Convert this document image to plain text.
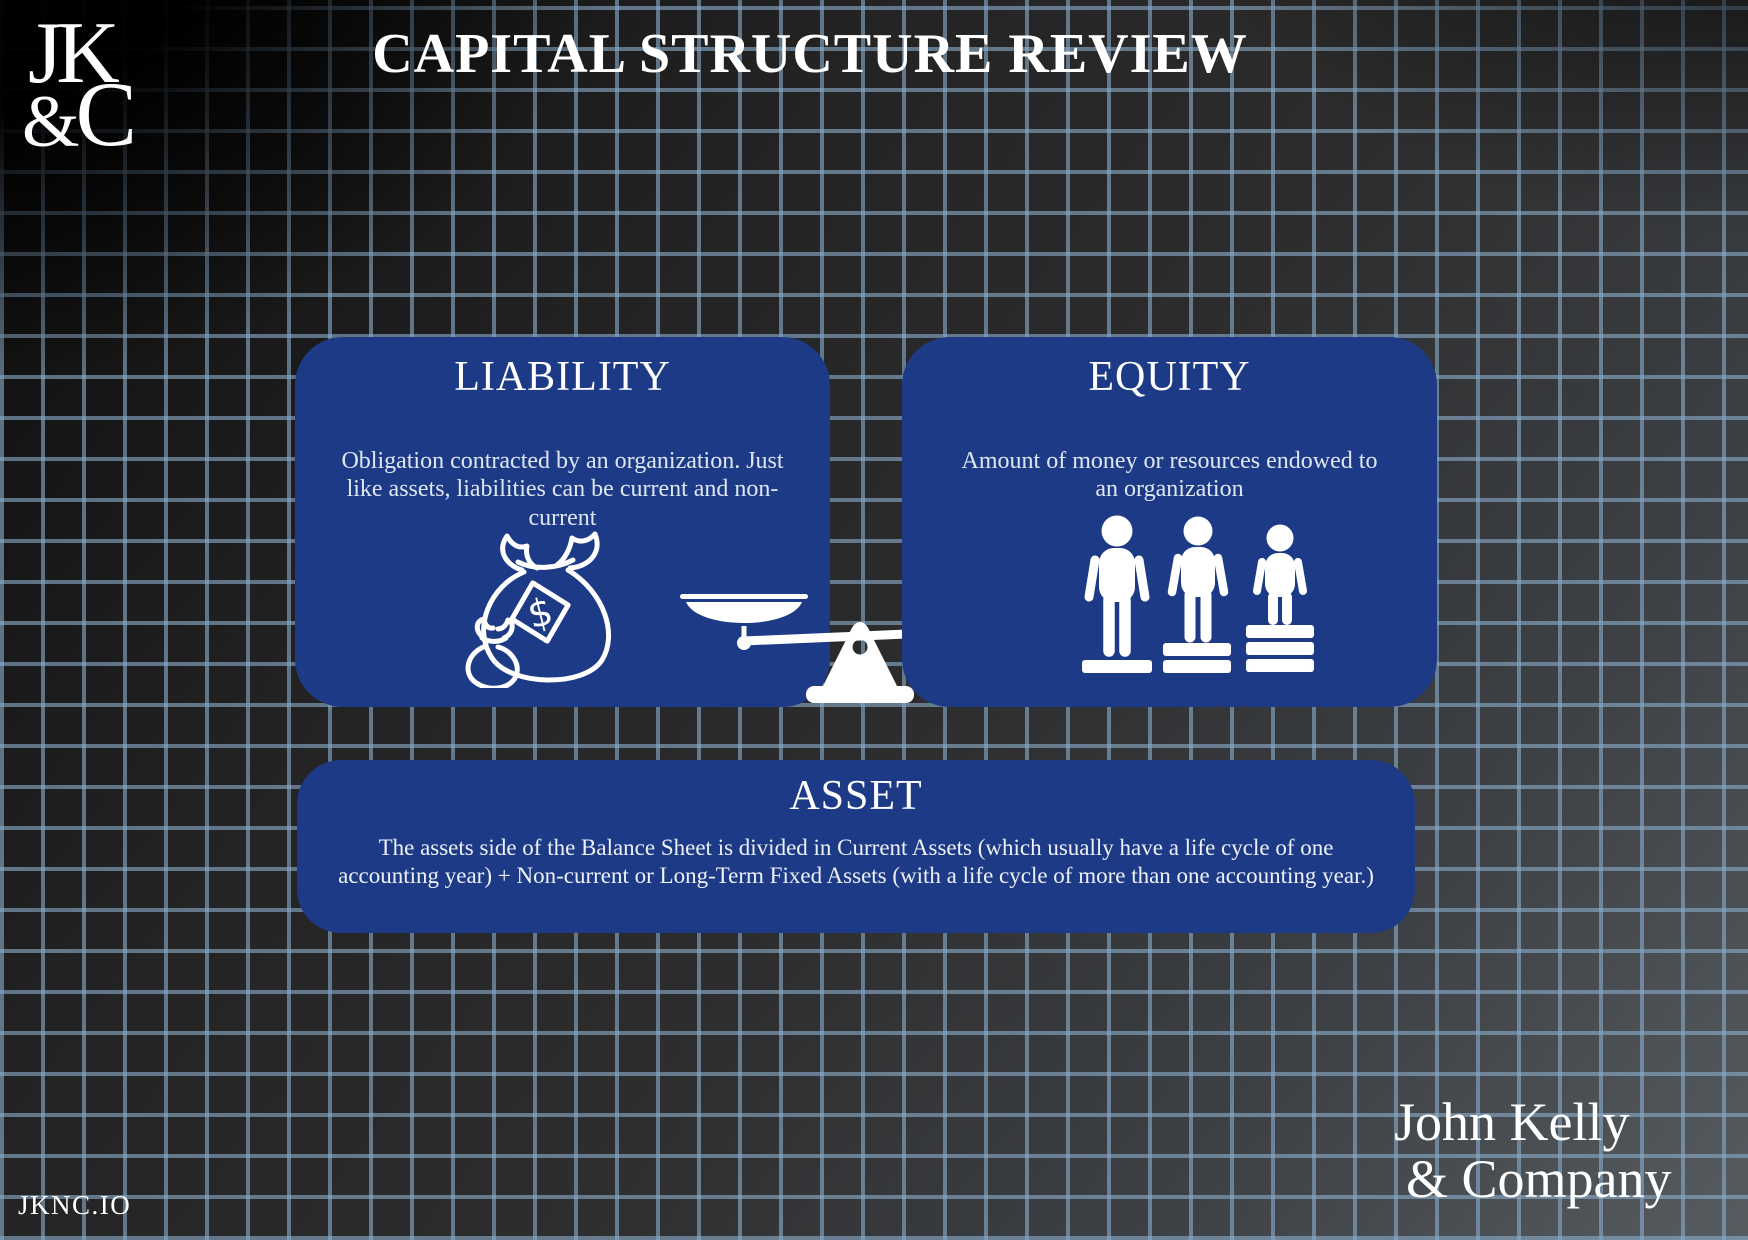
JK
&
C
CAPITAL STRUCTURE REVIEW
LIABILITY

Obligation contracted by an organization. Just like assets, liabilities can be current and non-current

$
EQUITY

Amount of money or resources endowed to an organization

ASSET

The assets side of the Balance Sheet is divided in Current Assets (which usually have a life cycle of one accounting year) + Non-current or Long-Term Fixed Assets (with a life cycle of more than one accounting year.)

JKNC.IO
John Kelly
& Company
